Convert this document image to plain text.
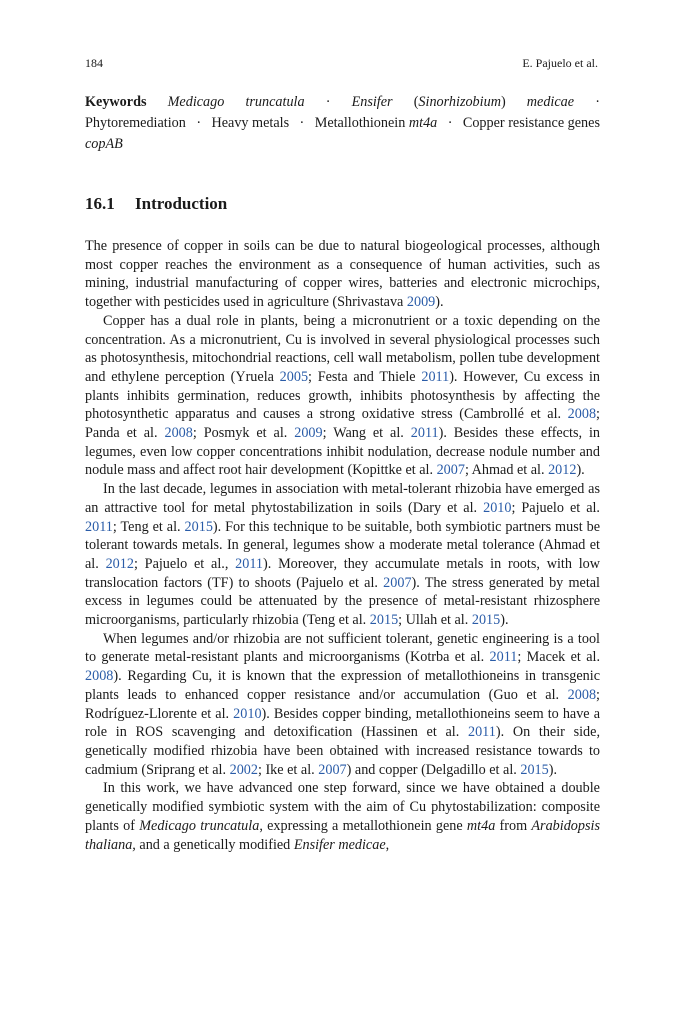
184	E. Pajuelo et al.
Keywords Medicago truncatula · Ensifer (Sinorhizobium) medicae ·
Phytoremediation · Heavy metals · Metallothionein mt4a · Copper resistance genes
copAB
16.1 Introduction

The presence of copper in soils can be due to natural biogeological processes, although most copper reaches the environment as a consequence of human activities, such as mining, industrial manufacturing of copper wires, batteries and electronic microchips, together with pesticides used in agriculture (Shrivastava 2009).

Copper has a dual role in plants, being a micronutrient or a toxic depending on the concentration. As a micronutrient, Cu is involved in several physiological processes such as photosynthesis, mitochondrial reactions, cell wall metabolism, pollen tube development and ethylene perception (Yruela 2005; Festa and Thiele 2011). However, Cu excess in plants inhibits germination, reduces growth, inhibits photosynthesis by affecting the photosynthetic apparatus and causes a strong oxidative stress (Cambrollé et al. 2008; Panda et al. 2008; Posmyk et al. 2009; Wang et al. 2011). Besides these effects, in legumes, even low copper concentrations inhibit nodulation, decrease nodule number and nodule mass and affect root hair development (Kopittke et al. 2007; Ahmad et al. 2012).

In the last decade, legumes in association with metal-tolerant rhizobia have emerged as an attractive tool for metal phytostabilization in soils (Dary et al. 2010; Pajuelo et al. 2011; Teng et al. 2015). For this technique to be suitable, both symbiotic partners must be tolerant towards metals. In general, legumes show a moderate metal tolerance (Ahmad et al. 2012; Pajuelo et al., 2011). Moreover, they accumulate metals in roots, with low translocation factors (TF) to shoots (Pajuelo et al. 2007). The stress generated by metal excess in legumes could be attenuated by the presence of metal-resistant rhizosphere microorganisms, particularly rhizobia (Teng et al. 2015; Ullah et al. 2015).

When legumes and/or rhizobia are not sufficient tolerant, genetic engineering is a tool to generate metal-resistant plants and microorganisms (Kotrba et al. 2011; Macek et al. 2008). Regarding Cu, it is known that the expression of metallothioneins in transgenic plants leads to enhanced copper resistance and/or accumulation (Guo et al. 2008; Rodríguez-Llorente et al. 2010). Besides copper binding, metallothioneins seem to have a role in ROS scavenging and detoxification (Hassinen et al. 2011). On their side, genetically modified rhizobia have been obtained with increased resistance towards to cadmium (Sriprang et al. 2002; Ike et al. 2007) and copper (Delgadillo et al. 2015).

In this work, we have advanced one step forward, since we have obtained a double genetically modified symbiotic system with the aim of Cu phytostabilization: composite plants of Medicago truncatula, expressing a metallothionein gene mt4a from Arabidopsis thaliana, and a genetically modified Ensifer medicae,
